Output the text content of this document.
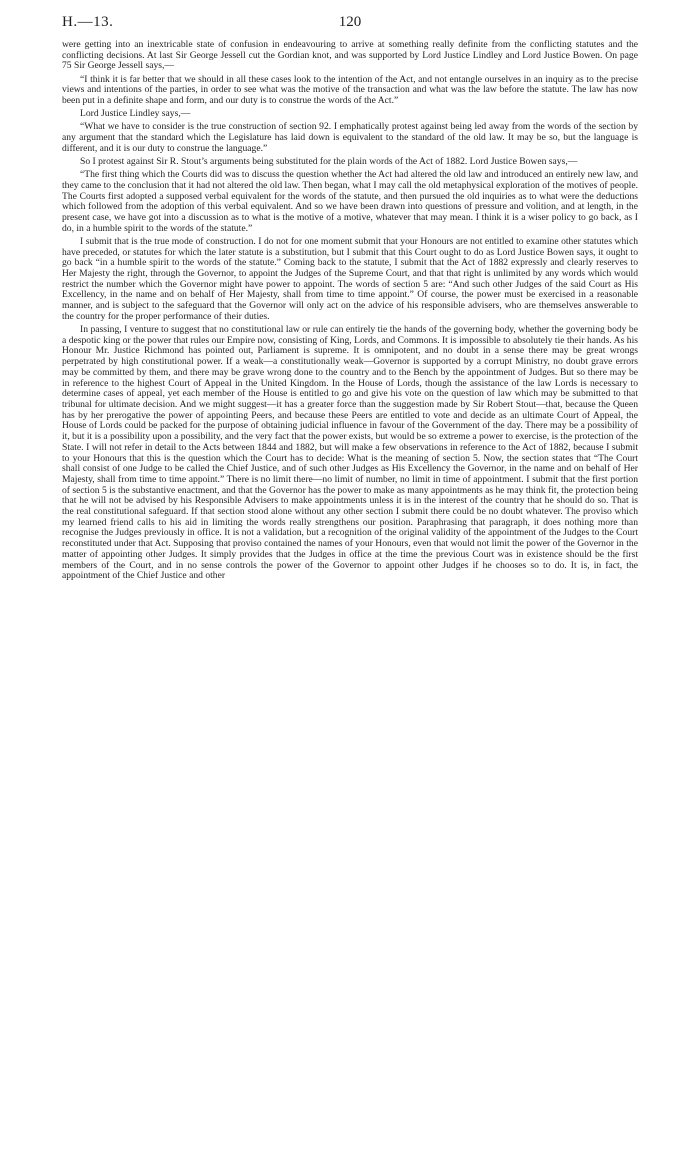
H.—13.	120

were getting into an inextricable state of confusion in endeavouring to arrive at something really definite from the conflicting statutes and the conflicting decisions. At last Sir George Jessell cut the Gordian knot, and was supported by Lord Justice Lindley and Lord Justice Bowen. On page 75 Sir George Jessell says,—

“I think it is far better that we should in all these cases look to the intention of the Act, and not entangle ourselves in an inquiry as to the precise views and intentions of the parties, in order to see what was the motive of the transaction and what was the law before the statute. The law has now been put in a definite shape and form, and our duty is to construe the words of the Act.”

Lord Justice Lindley says,—

“What we have to consider is the true construction of section 92. I emphatically protest against being led away from the words of the section by any argument that the standard which the Legislature has laid down is equivalent to the standard of the old law. It may be so, but the language is different, and it is our duty to construe the language.”

So I protest against Sir R. Stout’s arguments being substituted for the plain words of the Act of 1882. Lord Justice Bowen says,—

“The first thing which the Courts did was to discuss the question whether the Act had altered the old law and introduced an entirely new law, and they came to the conclusion that it had not altered the old law. Then began, what I may call the old metaphysical exploration of the motives of people. The Courts first adopted a supposed verbal equivalent for the words of the statute, and then pursued the old inquiries as to what were the deductions which followed from the adoption of this verbal equivalent. And so we have been drawn into questions of pressure and volition, and at length, in the present case, we have got into a discussion as to what is the motive of a motive, whatever that may mean. I think it is a wiser policy to go back, as I do, in a humble spirit to the words of the statute.”

I submit that is the true mode of construction. I do not for one moment submit that your Honours are not entitled to examine other statutes which have preceded, or statutes for which the later statute is a substitution, but I submit that this Court ought to do as Lord Justice Bowen says, it ought to go back “in a humble spirit to the words of the statute.” Coming back to the statute, I submit that the Act of 1882 expressly and clearly reserves to Her Majesty the right, through the Governor, to appoint the Judges of the Supreme Court, and that that right is unlimited by any words which would restrict the number which the Governor might have power to appoint. The words of section 5 are: “And such other Judges of the said Court as His Excellency, in the name and on behalf of Her Majesty, shall from time to time appoint.” Of course, the power must be exercised in a reasonable manner, and is subject to the safeguard that the Governor will only act on the advice of his responsible advisers, who are themselves answerable to the country for the proper performance of their duties.

In passing, I venture to suggest that no constitutional law or rule can entirely tie the hands of the governing body, whether the governing body be a despotic king or the power that rules our Empire now, consisting of King, Lords, and Commons. It is impossible to absolutely tie their hands. As his Honour Mr. Justice Richmond has pointed out, Parliament is supreme. It is omnipotent, and no doubt in a sense there may be great wrongs perpetrated by high constitutional power. If a weak—a constitutionally weak—Governor is supported by a corrupt Ministry, no doubt grave errors may be committed by them, and there may be grave wrong done to the country and to the Bench by the appointment of Judges. But so there may be in reference to the highest Court of Appeal in the United Kingdom. In the House of Lords, though the assistance of the law Lords is necessary to determine cases of appeal, yet each member of the House is entitled to go and give his vote on the question of law which may be submitted to that tribunal for ultimate decision. And we might suggest—it has a greater force than the suggestion made by Sir Robert Stout—that, because the Queen has by her prerogative the power of appointing Peers, and because these Peers are entitled to vote and decide as an ultimate Court of Appeal, the House of Lords could be packed for the purpose of obtaining judicial influence in favour of the Government of the day. There may be a possibility of it, but it is a possibility upon a possibility, and the very fact that the power exists, but would be so extreme a power to exercise, is the protection of the State. I will not refer in detail to the Acts between 1844 and 1882, but will make a few observations in reference to the Act of 1882, because I submit to your Honours that this is the question which the Court has to decide: What is the meaning of section 5. Now, the section states that “The Court shall consist of one Judge to be called the Chief Justice, and of such other Judges as His Excellency the Governor, in the name and on behalf of Her Majesty, shall from time to time appoint.” There is no limit there—no limit of number, no limit in time of appointment. I submit that the first portion of section 5 is the substantive enactment, and that the Governor has the power to make as many appointments as he may think fit, the protection being that he will not be advised by his Responsible Advisers to make appointments unless it is in the interest of the country that he should do so. That is the real constitutional safeguard. If that section stood alone without any other section I submit there could be no doubt whatever. The proviso which my learned friend calls to his aid in limiting the words really strengthens our position. Paraphrasing that paragraph, it does nothing more than recognise the Judges previously in office. It is not a validation, but a recognition of the original validity of the appointment of the Judges to the Court reconstituted under that Act. Supposing that proviso contained the names of your Honours, even that would not limit the power of the Governor in the matter of appointing other Judges. It simply provides that the Judges in office at the time the previous Court was in existence should be the first members of the Court, and in no sense controls the power of the Governor to appoint other Judges if he chooses so to do. It is, in fact, the appointment of the Chief Justice and other
